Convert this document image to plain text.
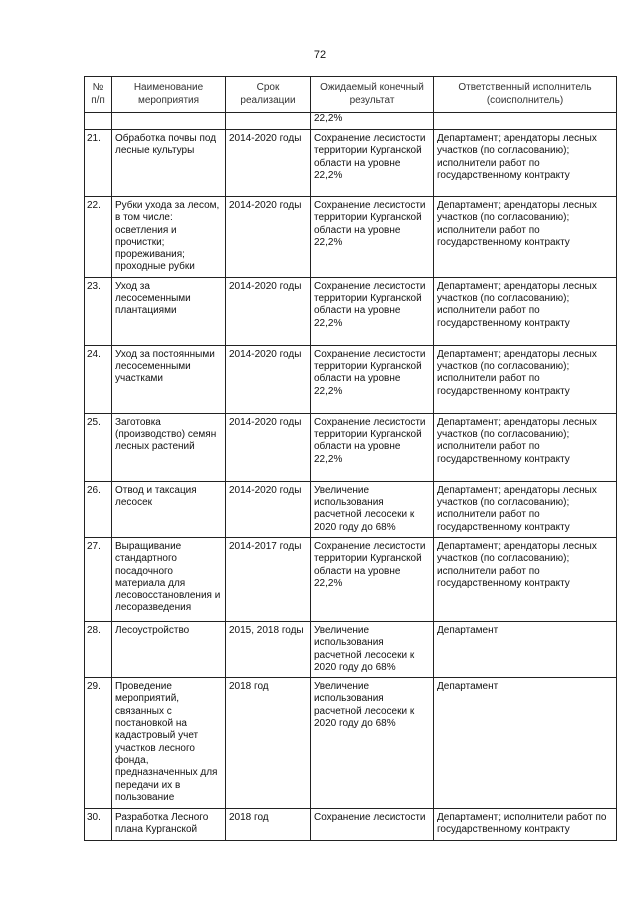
72
№ п/п	Наименование мероприятия	Срок реализации	Ожидаемый конечный результат	Ответственный исполнитель (соисполнитель)
			22,2%	
21.	Обработка почвы под лесные культуры	2014-2020 годы	Сохранение лесистости территории Курганской области на уровне 22,2%	Департамент; арендаторы лесных участков (по согласованию); исполнители работ по государственному контракту
22.	Рубки ухода за лесом, в том числе: осветления и прочистки; прореживания; проходные рубки	2014-2020 годы	Сохранение лесистости территории Курганской области на уровне 22,2%	Департамент; арендаторы лесных участков (по согласованию); исполнители работ по государственному контракту
23.	Уход за лесосеменными плантациями	2014-2020 годы	Сохранение лесистости территории Курганской области на уровне 22,2%	Департамент; арендаторы лесных участков (по согласованию); исполнители работ по государственному контракту
24.	Уход за постоянными лесосеменными участками	2014-2020 годы	Сохранение лесистости территории Курганской области на уровне 22,2%	Департамент; арендаторы лесных участков (по согласованию); исполнители работ по государственному контракту
25.	Заготовка (производство) семян лесных растений	2014-2020 годы	Сохранение лесистости территории Курганской области на уровне 22,2%	Департамент; арендаторы лесных участков (по согласованию); исполнители работ по государственному контракту
26.	Отвод и таксация лесосек	2014-2020 годы	Увеличение использования расчетной лесосеки к 2020 году до 68%	Департамент; арендаторы лесных участков (по согласованию); исполнители работ по государственному контракту
27.	Выращивание стандартного посадочного материала для лесовосстановления и лесоразведения	2014-2017 годы	Сохранение лесистости территории Курганской области на уровне 22,2%	Департамент; арендаторы лесных участков (по согласованию); исполнители работ по государственному контракту
28.	Лесоустройство	2015, 2018 годы	Увеличение использования расчетной лесосеки к 2020 году до 68%	Департамент
29.	Проведение мероприятий, связанных с постановкой на кадастровый учет участков лесного фонда, предназначенных для передачи их в пользование	2018 год	Увеличение использования расчетной лесосеки к 2020 году до 68%	Департамент
30.	Разработка Лесного плана Курганской	2018 год	Сохранение лесистости	Департамент; исполнители работ по государственному контракту
